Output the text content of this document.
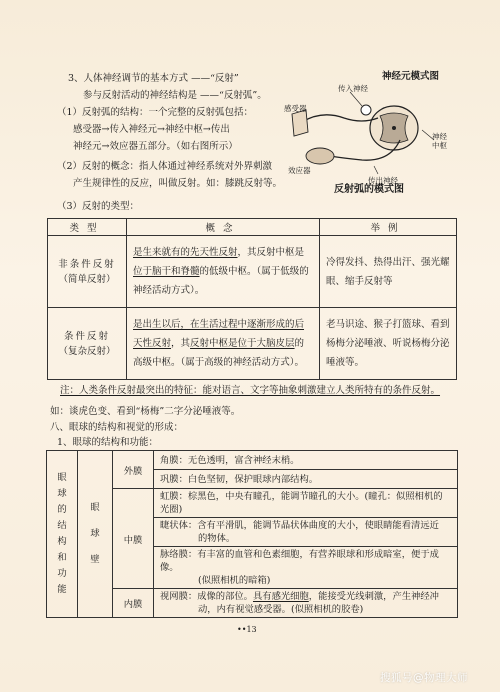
3、人体神经调节的基本方式 ——“反射”
参与反射活动的神经结构是 ——“反射弧”。
（1）反射弧的结构：一个完整的反射弧包括：
感受器→传入神经元→神经中枢→传出
神经元→效应器五部分。（如右图所示）
（2）反射的概念：指人体通过神经系统对外界刺激
产生规律性的反应，叫做反射。如：膝跳反射等。
（3）反射的类型：
神经元模式图
传入神经
感受器
神经
中枢
效应器
传出神经
反射弧的模式图
类型	概念	举例

非条件反射
（简单反射）	是生来就有的先天性反射，其反射中枢是位于脑干和脊髓的低级中枢。（属于低级的神经活动方式）。	冷得发抖、热得出汗、强光耀眼、缩手反射等

条件反射
（复杂反射）	是出生以后，在生活过程中逐渐形成的后天性反射，其反射中枢是位于大脑皮层的高级中枢。（属于高级的神经活动方式）。	老马识途、猴子打篮球、看到杨梅分泌唾液、听说杨梅分泌唾液等。
注：人类条件反射最突出的特征：能对语言、文字等抽象刺激建立人类所特有的条件反射。
如：谈虎色变、看到“杨梅”二字分泌唾液等。
八、眼球的结构和视觉的形成：
1、眼球的结构和功能：
眼球的结构和功能	眼球壁	外膜	角膜：无色透明，富含神经末梢。
			巩膜：白色坚韧，保护眼球内部结构。
		中膜	虹膜：棕黑色，中央有瞳孔，能调节瞳孔的大小。(瞳孔：似照相机的光圈)

			睫状体：含有平滑肌，能调节晶状体曲度的大小，使眼睛能看清远近
的物体。

			脉络膜：有丰富的血管和色素细胞，有营养眼球和形成暗室，便于成像。
(似照相机的暗箱)

		内膜	视网膜：成像的部位。具有感光细胞，能接受光线刺激，产生神经冲
动，内有视觉感受器。(似照相机的胶卷)
••13
搜狐号@物理大师
